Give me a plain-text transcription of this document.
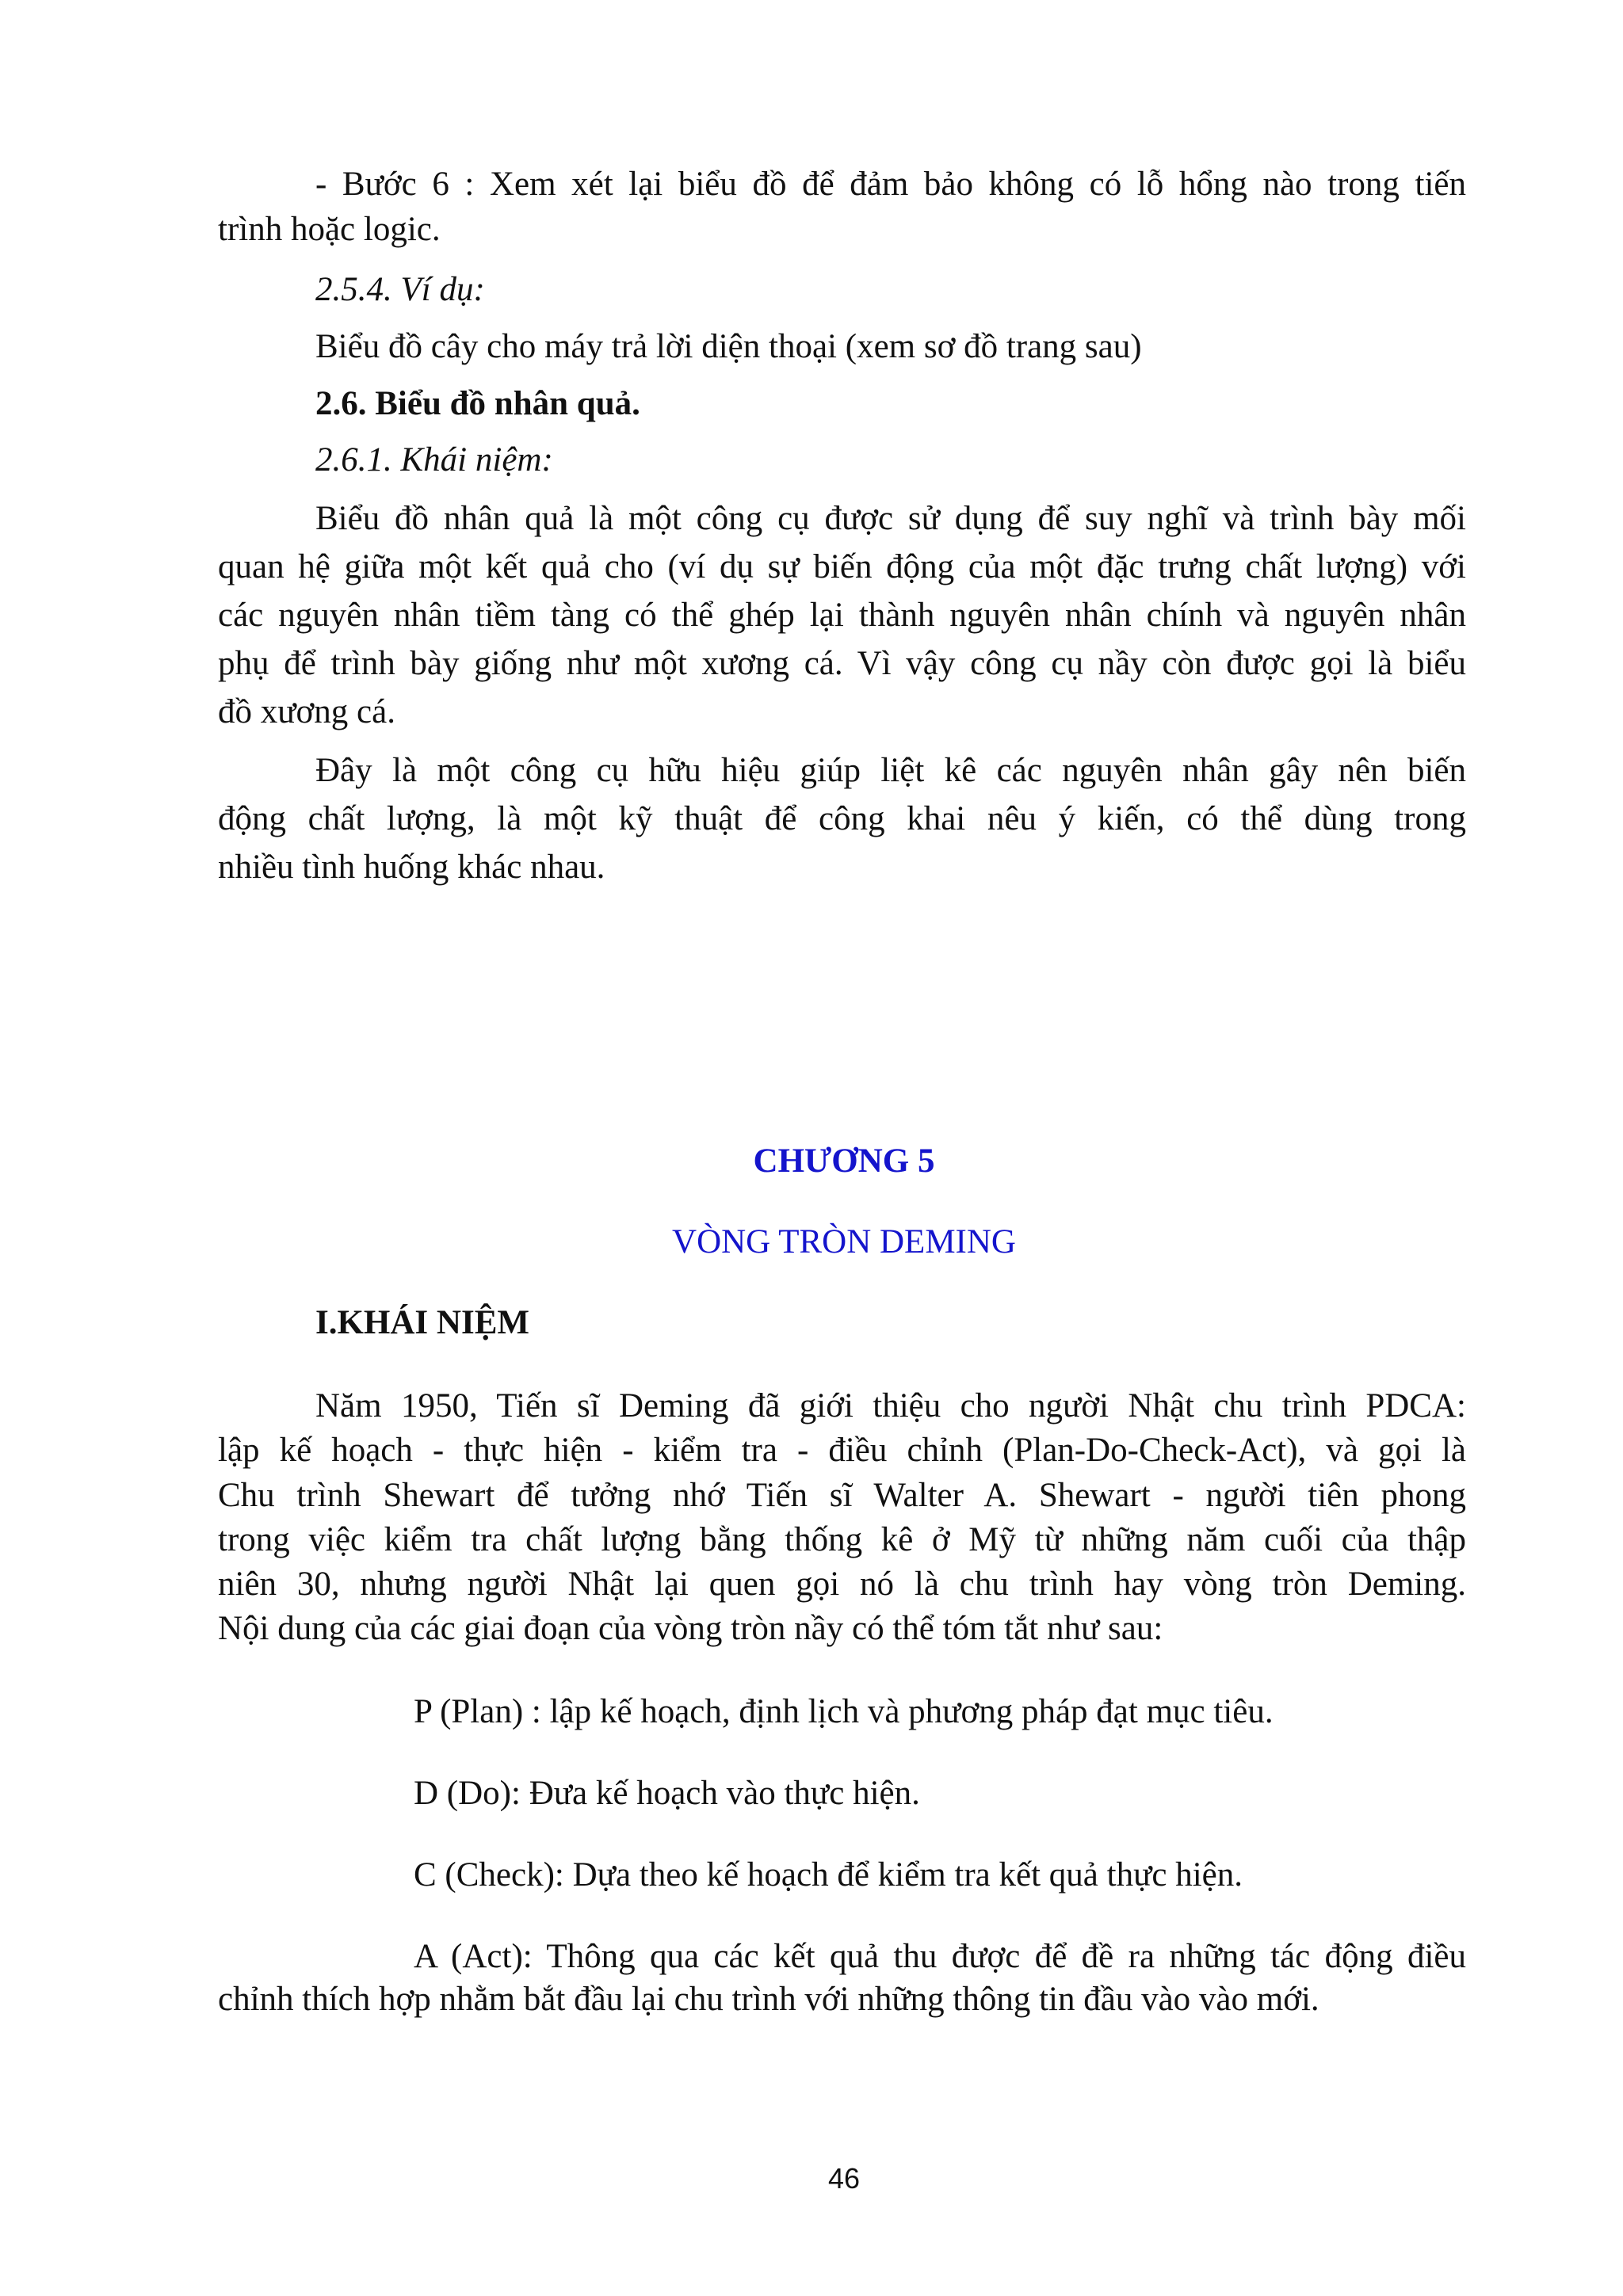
- Bước 6 : Xem xét lại biểu đồ để đảm bảo không có lỗ hổng nào trong tiến
trình hoặc logic.
2.5.4. Ví dụ:
Biểu đồ cây cho máy trả lời diện thoại (xem sơ đồ trang sau)
2.6. Biểu đồ nhân quả.
2.6.1. Khái niệm:
Biểu đồ nhân quả là một công cụ được sử dụng để suy nghĩ và trình bày mối
quan hệ giữa một kết quả cho (ví dụ sự biến động của một đặc trưng chất lượng) với
các nguyên nhân tiềm tàng có thể ghép lại thành nguyên nhân chính và nguyên nhân
phụ để trình bày giống như một xương cá. Vì vậy công cụ nầy còn được gọi là biểu
đồ xương cá.
Đây là một công cụ hữu hiệu giúp liệt kê các nguyên nhân gây nên biến
động chất lượng, là một kỹ thuật để công khai nêu ý kiến, có thể dùng trong
nhiều tình huống khác nhau.
CHƯƠNG 5
VÒNG TRÒN DEMING
I.KHÁI NIỆM
Năm 1950, Tiến sĩ Deming đã giới thiệu cho người Nhật chu trình PDCA:
lập kế hoạch - thực hiện - kiểm tra - điều chỉnh (Plan-Do-Check-Act), và gọi là
Chu trình Shewart để tưởng nhớ Tiến sĩ Walter A. Shewart - người tiên phong
trong việc kiểm tra chất lượng bằng thống kê ở Mỹ từ những năm cuối của thập
niên 30, nhưng người Nhật lại quen gọi nó là chu trình hay vòng tròn Deming.
Nội dung của các giai đoạn của vòng tròn nầy có thể tóm tắt như sau:
P (Plan) : lập kế hoạch, định lịch và phương pháp đạt mục tiêu.
D (Do): Đưa kế hoạch vào thực hiện.
C (Check): Dựa theo kế hoạch để kiểm tra kết quả thực hiện.
A (Act): Thông qua các kết quả thu được để đề ra những tác động điều
chỉnh thích hợp nhằm bắt đầu lại chu trình với những thông tin đầu vào vào mới.
46
